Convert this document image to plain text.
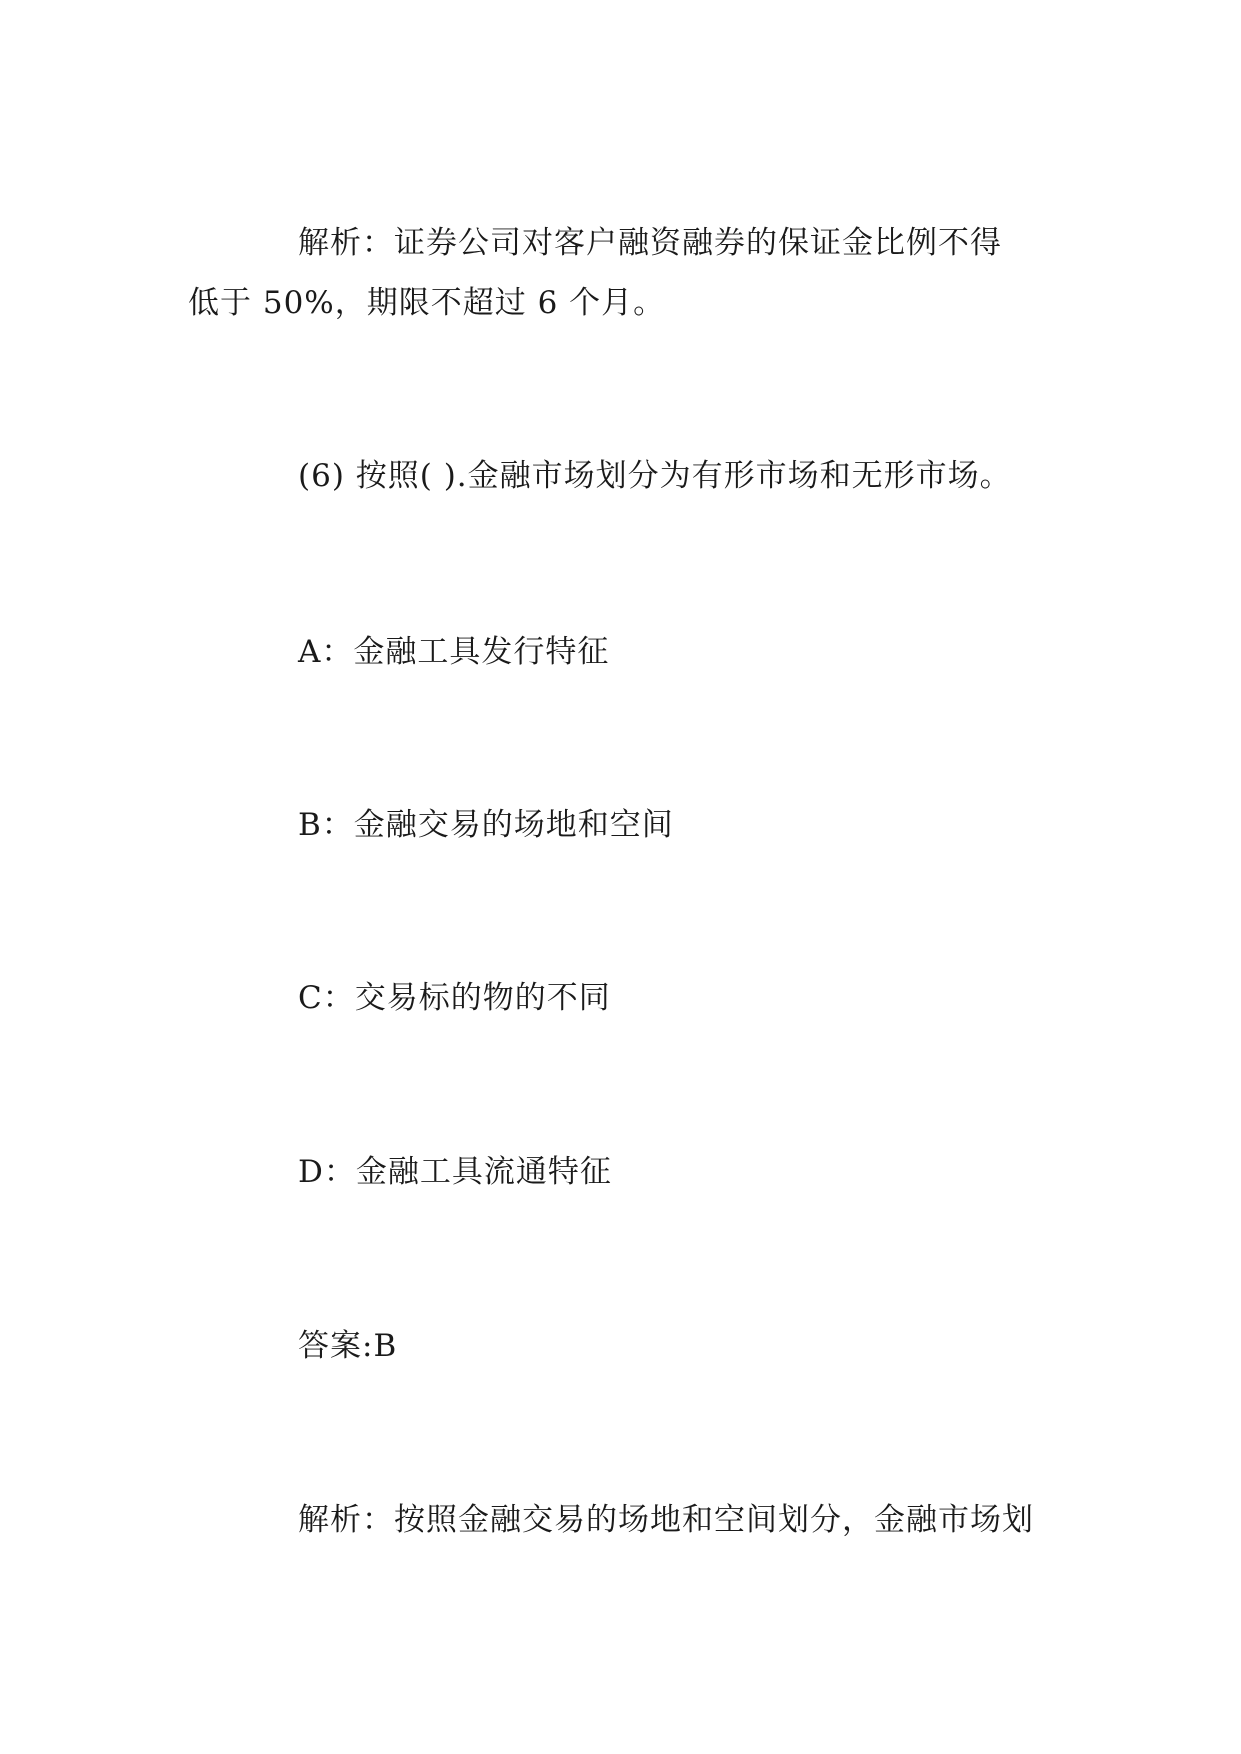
解析：证券公司对客户融资融券的保证金比例不得
低于 50%，期限不超过 6 个月。
(6) 按照( ).金融市场划分为有形市场和无形市场。
A：金融工具发行特征
B：金融交易的场地和空间
C：交易标的物的不同
D：金融工具流通特征
答案:B
解析：按照金融交易的场地和空间划分，金融市场划
